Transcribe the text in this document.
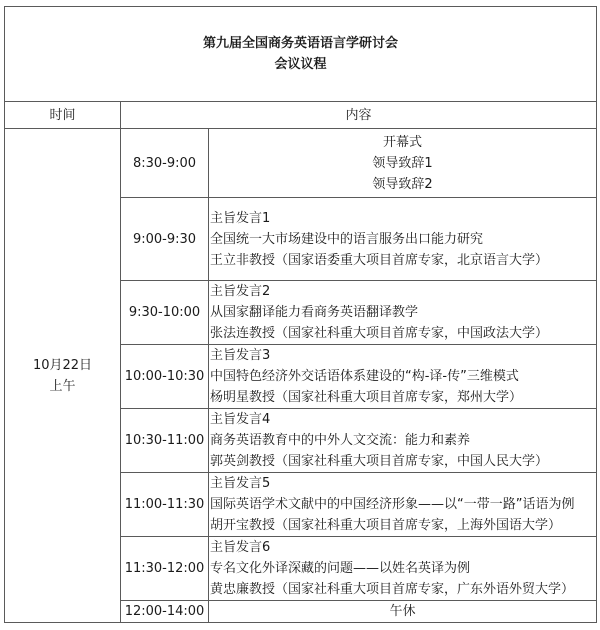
第九届全国商务英语语言学研讨会
会议议程		

时间	内容	

10月22日
上午	8:30-9:00	开幕式
领导致辞1
领导致辞2

	9:00-9:30	主旨发言1
全国统一大市场建设中的语言服务出口能力研究
王立非教授（国家语委重大项目首席专家，北京语言大学）

	9:30-10:00	主旨发言2
从国家翻译能力看商务英语翻译教学
张法连教授（国家社科重大项目首席专家，中国政法大学）

	10:00-10:30	主旨发言3
中国特色经济外交话语体系建设的“构-译-传”三维模式
杨明星教授（国家社科重大项目首席专家，郑州大学）

	10:30-11:00	主旨发言4
商务英语教育中的中外人文交流：能力和素养
郭英剑教授（国家社科重大项目首席专家，中国人民大学）

	11:00-11:30	主旨发言5
国际英语学术文献中的中国经济形象——以“一带一路”话语为例
胡开宝教授（国家社科重大项目首席专家，上海外国语大学）

	11:30-12:00	主旨发言6
专名文化外译深藏的问题——以姓名英译为例
黄忠廉教授（国家社科重大项目首席专家，广东外语外贸大学）

	12:00-14:00	午休
